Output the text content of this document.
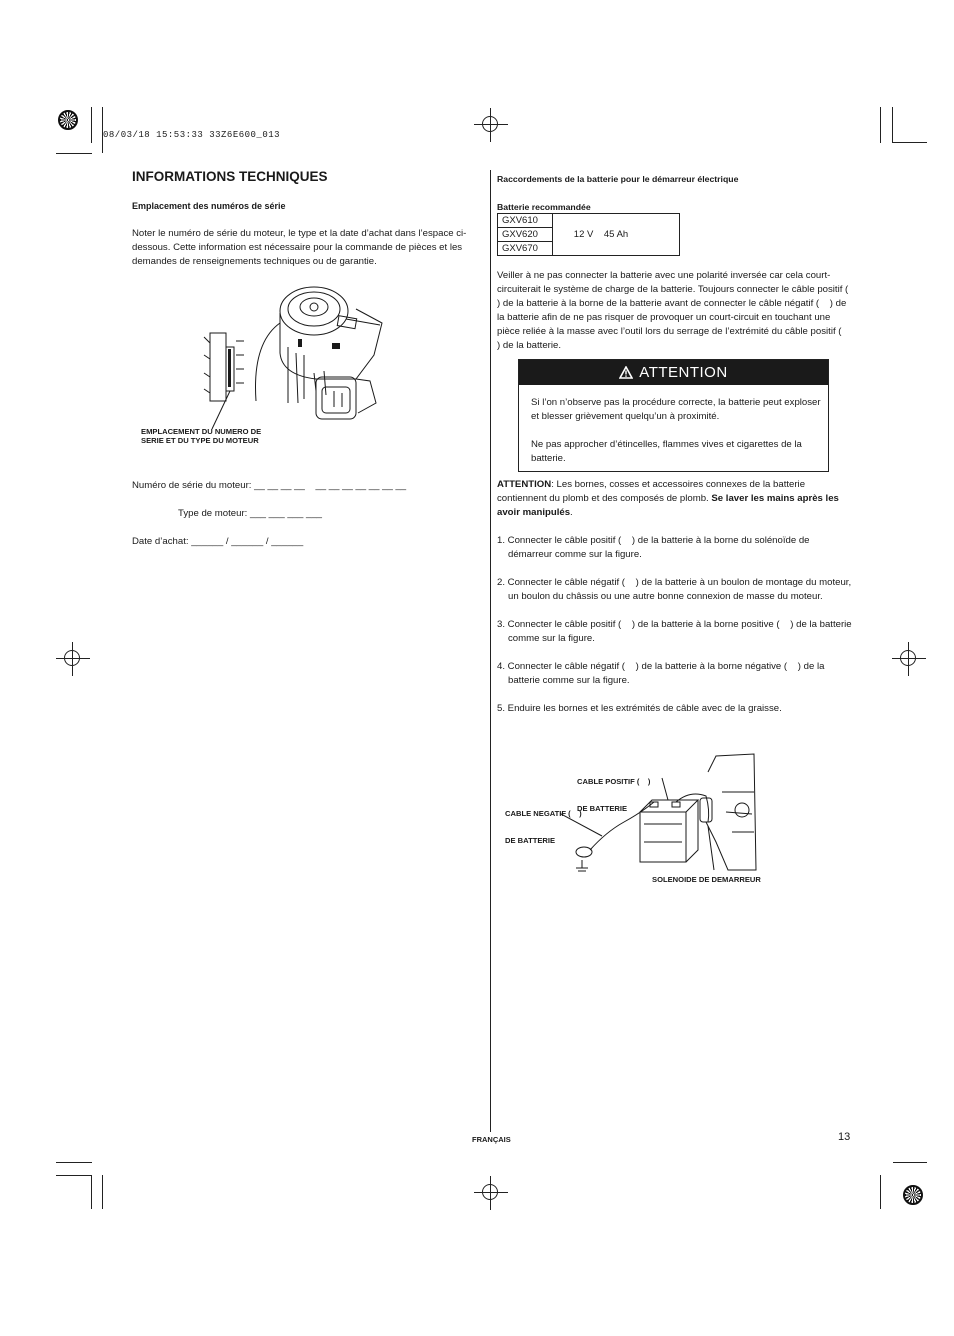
08/03/18 15:53:33 33Z6E600_013
INFORMATIONS TECHNIQUES
Emplacement des numéros de série
Noter le numéro de série du moteur, le type et la date d’achat dans l’espace ci-dessous. Cette information est nécessaire pour la commande de pièces et les demandes de renseignements techniques ou de garantie.
EMPLACEMENT DU NUMERO DE
SERIE ET DU TYPE DU MOTEUR
Numéro de série du moteur: __ __ __ __    __ __ __ __ __ __ __
Type de moteur: ___ ___ ___ ___
Date d’achat: ______ / ______ / ______
Raccordements de la batterie pour le démarreur électrique
Batterie recommandée
GXV610	12 V    45 Ah
GXV620
GXV670
Veiller à ne pas connecter la batterie avec une polarité inversée car cela court-circuiterait le système de charge de la batterie. Toujours connecter le câble positif (    ) de la batterie à la borne de la batterie avant de connecter le câble négatif (    ) de la batterie afin de ne pas risquer de provoquer un court-circuit en touchant une pièce reliée à la masse avec l’outil lors du serrage de l’extrémité du câble positif (    ) de la batterie.
ATTENTION
Si l’on n’observe pas la procédure correcte, la batterie peut exploser et blesser grièvement quelqu’un à proximité.
Ne pas approcher d’étincelles, flammes vives et cigarettes de la batterie.
ATTENTION: Les bornes, cosses et accessoires connexes de la batterie contiennent du plomb et des composés de plomb. Se laver les mains après les avoir manipulés.
1. Connecter le câble positif (    ) de la batterie à la borne du solénoïde de démarreur comme sur la figure.
2. Connecter le câble négatif (    ) de la batterie à un boulon de montage du moteur, un boulon du châssis ou une autre bonne connexion de masse du moteur.
3. Connecter le câble positif (    ) de la batterie à la borne positive (    ) de la batterie comme sur la figure.
4. Connecter le câble négatif (    ) de la batterie à la borne négative (    ) de la batterie comme sur la figure.
5. Enduire les bornes et les extrémités de câble avec de la graisse.

CABLE POSITIF (    )

DE BATTERIE

CABLE NEGATIF (    )

DE BATTERIE

SOLENOIDE DE DEMARREUR
FRANÇAIS	13
